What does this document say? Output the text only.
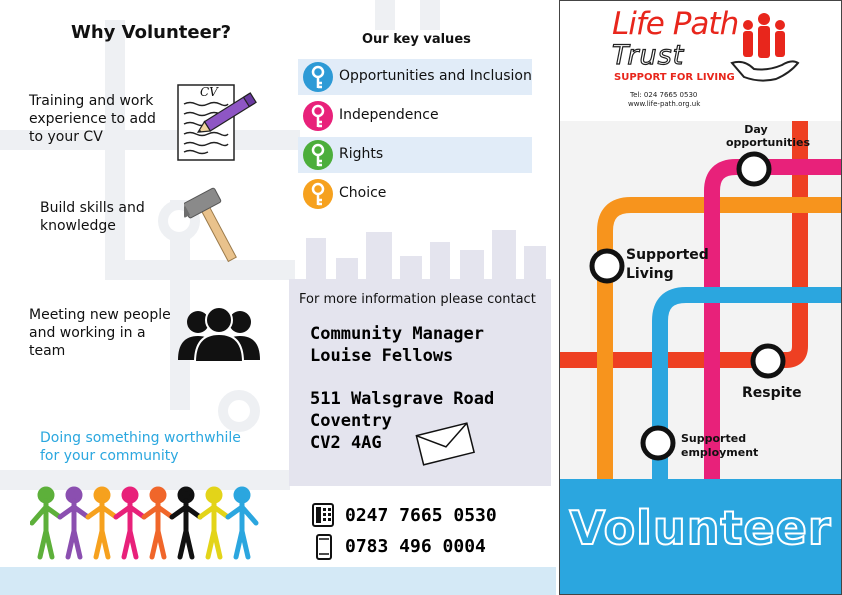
Why Volunteer?
Training and work experience to add to your CV
CV
Build skills and knowledge
Meeting new people and working in a team
Doing something worthwhile for your community
Our key values
Opportunities and Inclusion
Independence
Rights
Choice
For more information please contact
Community Manager
Louise Fellows
511 Walsgrave Road
Coventry
CV2 4AG
0247 7665 0530
0783 496 0004
Life Path
Trust
SUPPORT FOR LIVING
Tel: 024 7665 0530
www.life-path.org.uk
Day opportunities
Supported
Living
Respite
Supported
employment
Volunteer
